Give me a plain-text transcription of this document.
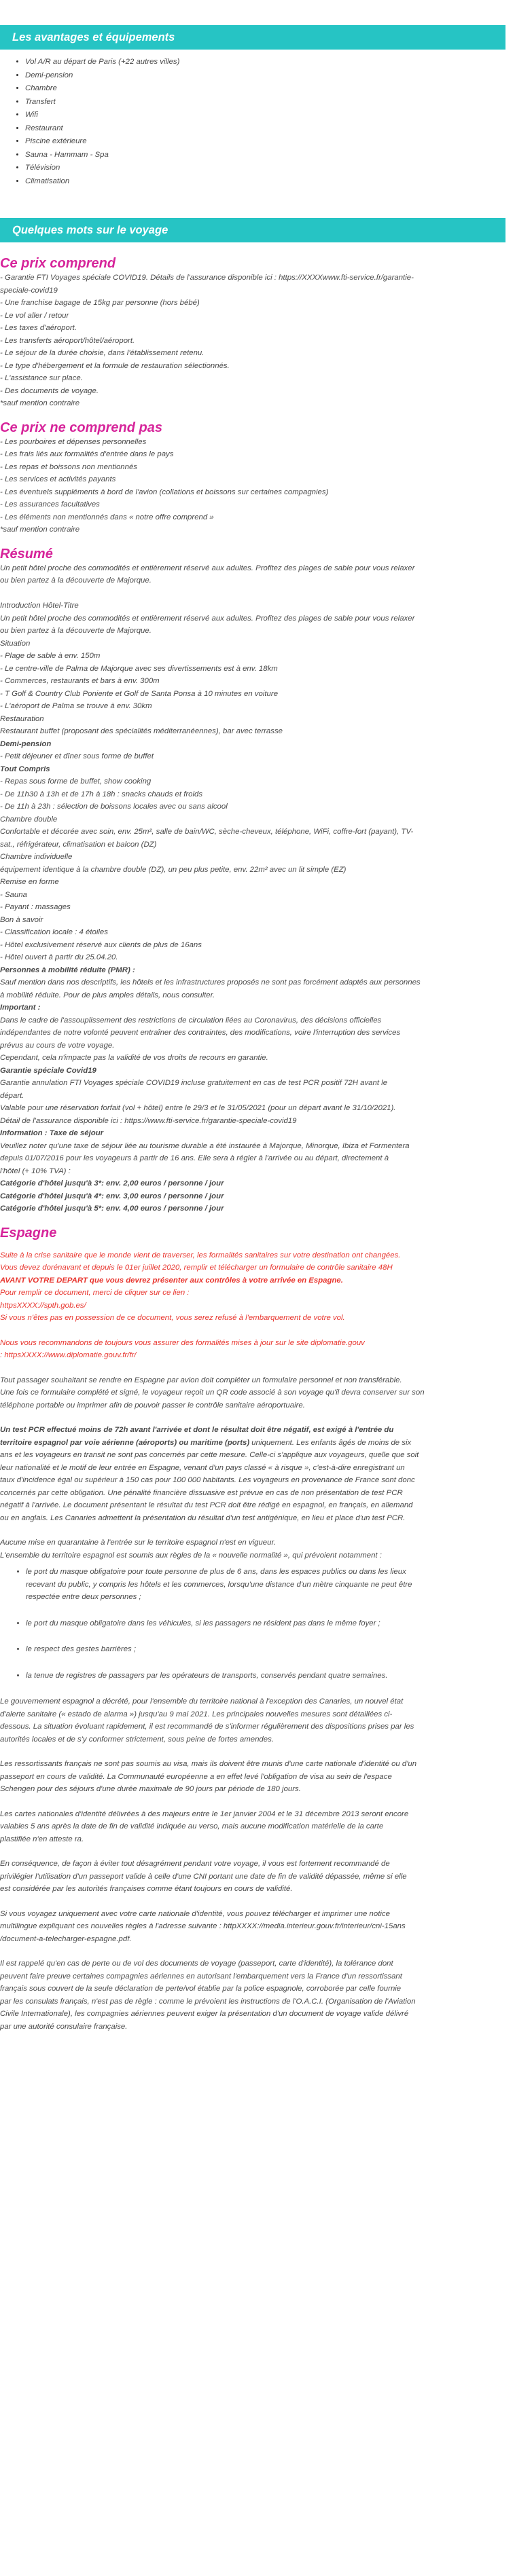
Les avantages et équipements
• Vol A/R au départ de Paris (+22 autres villes)
• Demi-pension
• Chambre
• Transfert
• Wifi
• Restaurant
• Piscine extérieure
• Sauna - Hammam - Spa
• Télévision
• Climatisation
Quelques mots sur le voyage
Ce prix comprend
- Garantie FTI Voyages spéciale COVID19. Détails de l'assurance disponible ici : https://XXXXwww.fti-service.fr/garantie-
speciale-covid19
- Une franchise bagage de 15kg par personne (hors bébé)
- Le vol aller / retour
- Les taxes d'aéroport.
- Les transferts aéroport/hôtel/aéroport.
- Le séjour de la durée choisie, dans l'établissement retenu.
- Le type d'hébergement et la formule de restauration sélectionnés.
- L'assistance sur place.
- Des documents de voyage.
*sauf mention contraire
Ce prix ne comprend pas
- Les pourboires et dépenses personnelles
- Les frais liés aux formalités d'entrée dans le pays
- Les repas et boissons non mentionnés
- Les services et activités payants
- Les éventuels suppléments à bord de l'avion (collations et boissons sur certaines compagnies)
- Les assurances facultatives
- Les éléments non mentionnés dans « notre offre comprend »
*sauf mention contraire
Résumé
Un petit hôtel proche des commodités et entièrement réservé aux adultes. Profitez des plages de sable pour vous relaxer
ou bien partez à la découverte de Majorque.
Introduction Hôtel-Titre
Un petit hôtel proche des commodités et entièrement réservé aux adultes. Profitez des plages de sable pour vous relaxer
ou bien partez à la découverte de Majorque.
Situation
- Plage de sable à env. 150m
- Le centre-ville de Palma de Majorque avec ses divertissements est à env. 18km
- Commerces, restaurants et bars à env. 300m
- T Golf & Country Club Poniente et Golf de Santa Ponsa à 10 minutes en voiture
- L'aéroport de Palma se trouve à env. 30km
Restauration
Restaurant buffet (proposant des spécialités méditerranéennes), bar avec terrasse
Demi-pension
- Petit déjeuner et dîner sous forme de buffet
Tout Compris
- Repas sous forme de buffet, show cooking
- De 11h30 à 13h et de 17h à 18h : snacks chauds et froids
- De 11h à 23h : sélection de boissons locales avec ou sans alcool
Chambre double
Confortable et décorée avec soin, env. 25m², salle de bain/WC, sèche-cheveux, téléphone, WiFi, coffre-fort (payant), TV-
sat., réfrigérateur, climatisation et balcon (DZ)
Chambre individuelle
équipement identique à la chambre double (DZ), un peu plus petite, env. 22m² avec un lit simple (EZ)
Remise en forme
- Sauna
- Payant : massages
Bon à savoir
- Classification locale : 4 étoiles
- Hôtel exclusivement réservé aux clients de plus de 16ans
- Hôtel ouvert à partir du 25.04.20.
Personnes à mobilité réduite (PMR) :
Sauf mention dans nos descriptifs, les hôtels et les infrastructures proposés ne sont pas forcément adaptés aux personnes
à mobilité réduite. Pour de plus amples détails, nous consulter.
Important :
Dans le cadre de l'assouplissement des restrictions de circulation liées au Coronavirus, des décisions officielles
indépendantes de notre volonté peuvent entraîner des contraintes, des modifications, voire l'interruption des services
prévus au cours de votre voyage.
Cependant, cela n'impacte pas la validité de vos droits de recours en garantie.
Garantie spéciale Covid19
Garantie annulation FTI Voyages spéciale COVID19 incluse gratuitement en cas de test PCR positif 72H avant le
départ.
Valable pour une réservation forfait (vol + hôtel) entre le 29/3 et le 31/05/2021 (pour un départ avant le 31/10/2021).
Détail de l'assurance disponible ici : https://www.fti-service.fr/garantie-speciale-covid19
Information : Taxe de séjour
Veuillez noter qu'une taxe de séjour liée au tourisme durable a été instaurée à Majorque, Minorque, Ibiza et Formentera
depuis 01/07/2016 pour les voyageurs à partir de 16 ans. Elle sera à régler à l'arrivée ou au départ, directement à
l'hôtel (+ 10% TVA) :
Catégorie d'hôtel jusqu'à 3*: env. 2,00 euros / personne / jour
Catégorie d'hôtel jusqu'à 4*: env. 3,00 euros / personne / jour
Catégorie d'hôtel jusqu'à 5*: env. 4,00 euros / personne / jour
Espagne
Suite à la crise sanitaire que le monde vient de traverser, les formalités sanitaires sur votre destination ont changées.
Vous devez dorénavant et depuis le 01er juillet 2020, remplir et télécharger un formulaire de contrôle sanitaire 48H
AVANT VOTRE DEPART que vous devrez présenter aux contrôles à votre arrivée en Espagne.
Pour remplir ce document, merci de cliquer sur ce lien :
httpsXXXX://spth.gob.es/
Si vous n'êtes pas en possession de ce document, vous serez refusé à l'embarquement de votre vol.
Nous vous recommandons de toujours vous assurer des formalités mises à jour sur le site diplomatie.gouv
: httpsXXXX://www.diplomatie.gouv.fr/fr/
Tout passager souhaitant se rendre en Espagne par avion doit compléter un formulaire personnel et non transférable.
Une fois ce formulaire complété et signé, le voyageur reçoit un QR code associé à son voyage qu'il devra conserver sur son
téléphone portable ou imprimer afin de pouvoir passer le contrôle sanitaire aéroportuaire.
Un test PCR effectué moins de 72h avant l'arrivée et dont le résultat doit être négatif, est exigé à l'entrée du
territoire espagnol par voie aérienne (aéroports) ou maritime (ports) uniquement. Les enfants âgés de moins de six
ans et les voyageurs en transit ne sont pas concernés par cette mesure. Celle-ci s'applique aux voyageurs, quelle que soit
leur nationalité et le motif de leur entrée en Espagne, venant d'un pays classé « à risque », c'est-à-dire enregistrant un
taux d'incidence égal ou supérieur à 150 cas pour 100 000 habitants. Les voyageurs en provenance de France sont donc
concernés par cette obligation. Une pénalité financière dissuasive est prévue en cas de non présentation de test PCR
négatif à l'arrivée. Le document présentant le résultat du test PCR doit être rédigé en espagnol, en français, en allemand
ou en anglais. Les Canaries admettent la présentation du résultat d'un test antigénique, en lieu et place d'un test PCR.
Aucune mise en quarantaine à l'entrée sur le territoire espagnol n'est en vigueur.
L'ensemble du territoire espagnol est soumis aux règles de la « nouvelle normalité », qui prévoient notamment :
• le port du masque obligatoire pour toute personne de plus de 6 ans, dans les espaces publics ou dans les lieux
recevant du public, y compris les hôtels et les commerces, lorsqu'une distance d'un mètre cinquante ne peut être
respectée entre deux personnes ;
• le port du masque obligatoire dans les véhicules, si les passagers ne résident pas dans le même foyer ;
• le respect des gestes barrières ;
• la tenue de registres de passagers par les opérateurs de transports, conservés pendant quatre semaines.
Le gouvernement espagnol a décrété, pour l'ensemble du territoire national à l'exception des Canaries, un nouvel état
d'alerte sanitaire (« estado de alarma ») jusqu'au 9 mai 2021. Les principales nouvelles mesures sont détaillées ci-
dessous. La situation évoluant rapidement, il est recommandé de s'informer régulièrement des dispositions prises par les
autorités locales et de s'y conformer strictement, sous peine de fortes amendes.
Les ressortissants français ne sont pas soumis au visa, mais ils doivent être munis d'une carte nationale d'identité ou d'un
passeport en cours de validité. La Communauté européenne a en effet levé l'obligation de visa au sein de l'espace
Schengen pour des séjours d'une durée maximale de 90 jours par période de 180 jours.
Les cartes nationales d'identité délivrées à des majeurs entre le 1er janvier 2004 et le 31 décembre 2013 seront encore
valables 5 ans après la date de fin de validité indiquée au verso, mais aucune modification matérielle de la carte
plastifiée n'en atteste ra.
En conséquence, de façon à éviter tout désagrément pendant votre voyage, il vous est fortement recommandé de
privilégier l'utilisation d'un passeport valide à celle d'une CNI portant une date de fin de validité dépassée, même si elle
est considérée par les autorités françaises comme étant toujours en cours de validité.
Si vous voyagez uniquement avec votre carte nationale d'identité, vous pouvez télécharger et imprimer une notice
multilingue expliquant ces nouvelles règles à l'adresse suivante : httpXXXX://media.interieur.gouv.fr/interieur/cni-15ans
/document-a-telecharger-espagne.pdf.
Il est rappelé qu'en cas de perte ou de vol des documents de voyage (passeport, carte d'identité), la tolérance dont
peuvent faire preuve certaines compagnies aériennes en autorisant l'embarquement vers la France d'un ressortissant
français sous couvert de la seule déclaration de perte/vol établie par la police espagnole, corroborée par celle fournie
par les consulats français, n'est pas de règle : comme le prévoient les instructions de l'O.A.C.I. (Organisation de l'Aviation
Civile Internationale), les compagnies aériennes peuvent exiger la présentation d'un document de voyage valide délivré
par une autorité consulaire française.
